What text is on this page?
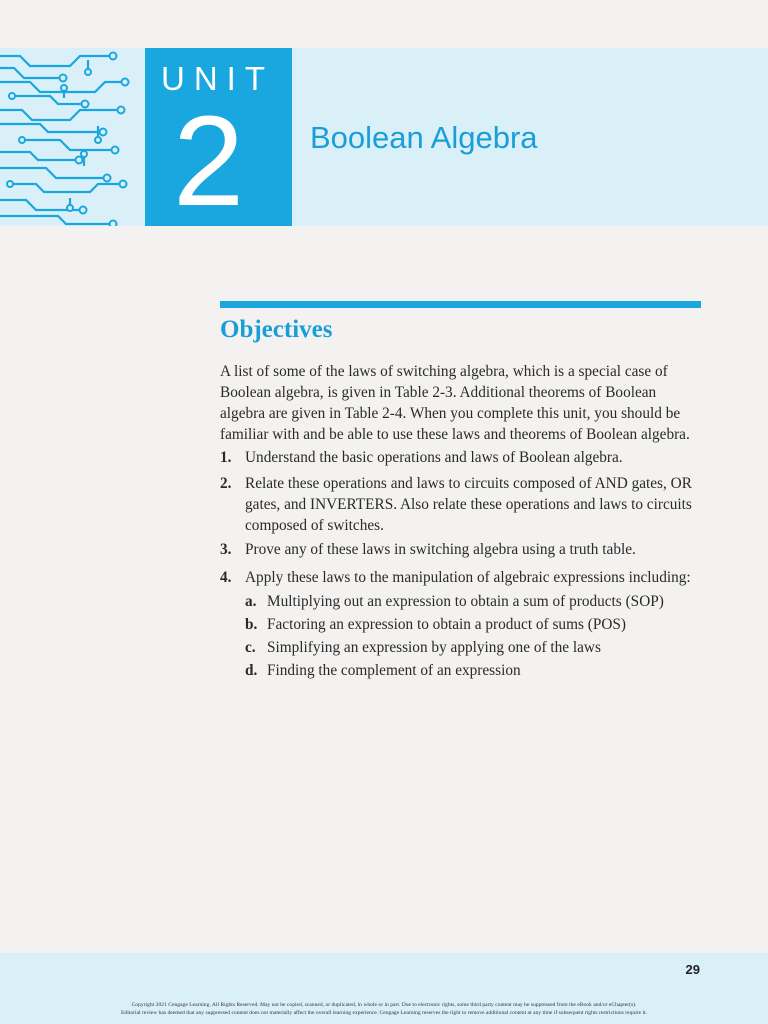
UNIT
2 Boolean Algebra
Objectives
A list of some of the laws of switching algebra, which is a special case of Boolean algebra, is given in Table 2-3. Additional theorems of Boolean algebra are given in Table 2-4. When you complete this unit, you should be familiar with and be able to use these laws and theorems of Boolean algebra.
1. Understand the basic operations and laws of Boolean algebra.
2. Relate these operations and laws to circuits composed of AND gates, OR gates, and INVERTERS. Also relate these operations and laws to circuits composed of switches.
3. Prove any of these laws in switching algebra using a truth table.
4. Apply these laws to the manipulation of algebraic expressions including:
a. Multiplying out an expression to obtain a sum of products (SOP)
b. Factoring an expression to obtain a product of sums (POS)
c. Simplifying an expression by applying one of the laws
d. Finding the complement of an expression
29
Copyright 2021 Cengage Learning. All Rights Reserved. May not be copied, scanned, or duplicated, in whole or in part. Due to electronic rights, some third party content may be suppressed from the eBook and/or eChapter(s).
Editorial review has deemed that any suppressed content does not materially affect the overall learning experience. Cengage Learning reserves the right to remove additional content at any time if subsequent rights restrictions require it.
